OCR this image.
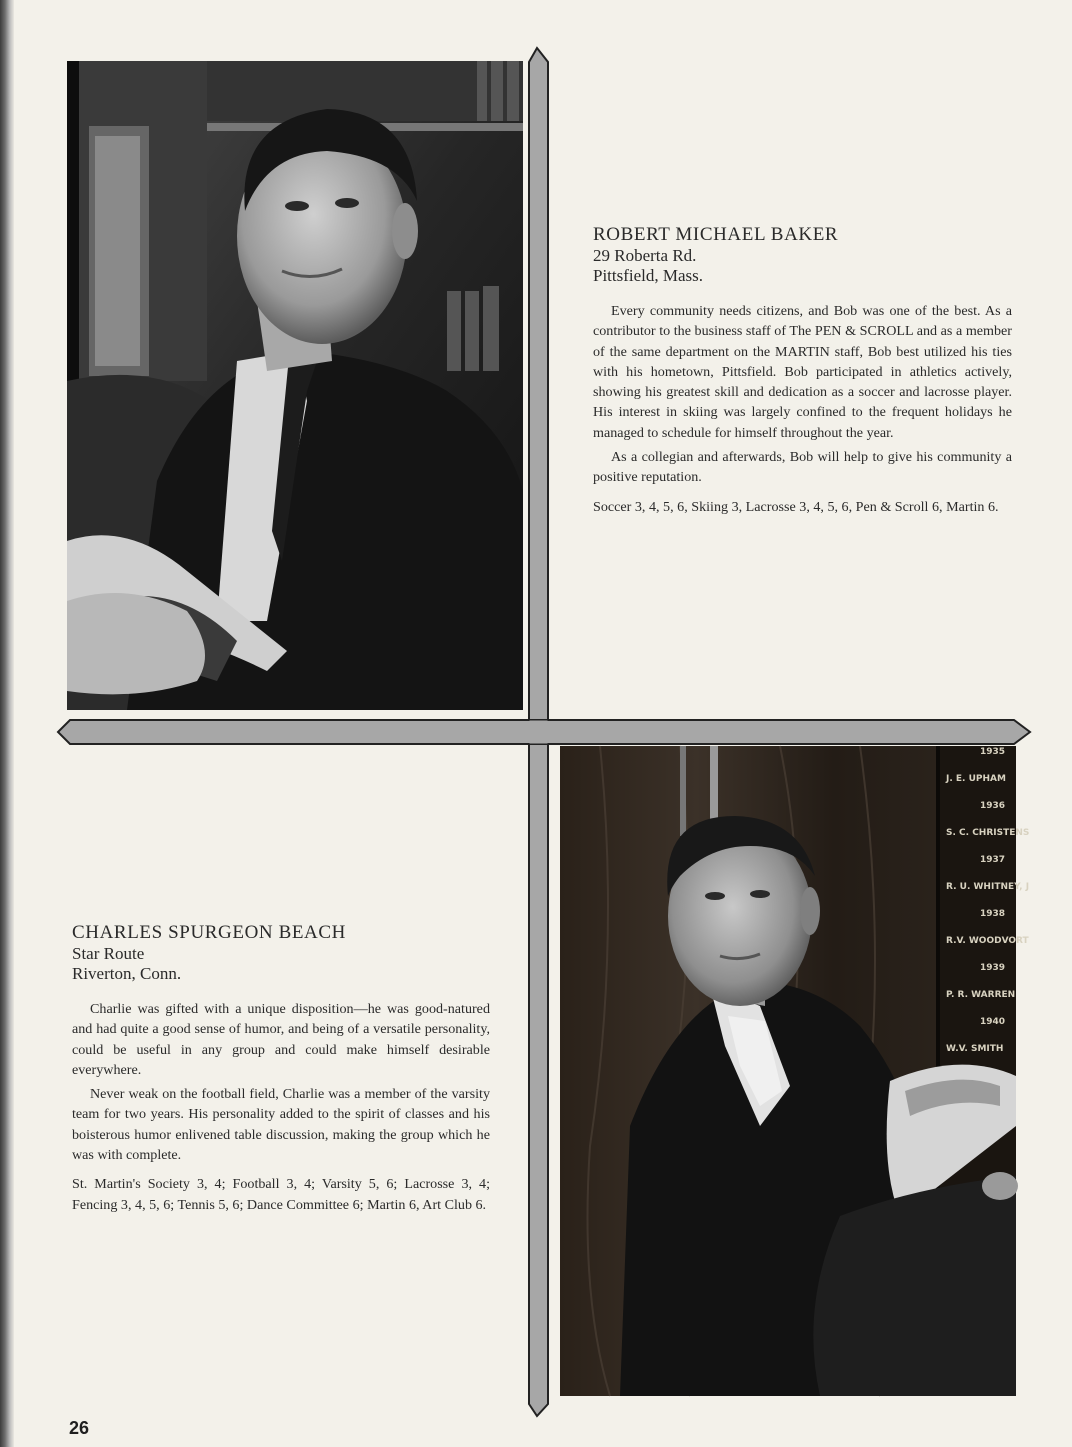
1935
J. E. UPHAM
1936
S. C. CHRISTENS
1937
R. U. WHITNEY, J
1938
R.V. WOODVORT
1939
P. R. WARREN
1940
W.V. SMITH

ROBERT MICHAEL BAKER

29 Roberta Rd.

Pittsfield, Mass.

Every community needs citizens, and Bob was one of the best. As a contributor to the business staff of The PEN & SCROLL and as a member of the same department on the MARTIN staff, Bob best utilized his ties with his hometown, Pittsfield. Bob participated in athletics actively, showing his greatest skill and dedication as a soccer and lacrosse player. His interest in skiing was largely confined to the frequent holidays he managed to schedule for himself throughout the year.

As a collegian and afterwards, Bob will help to give his community a positive reputation.

Soccer 3, 4, 5, 6, Skiing 3, Lacrosse 3, 4, 5, 6, Pen & Scroll 6, Martin 6.

CHARLES SPURGEON BEACH

Star Route

Riverton, Conn.

Charlie was gifted with a unique disposition—he was good-natured and had quite a good sense of humor, and being of a versatile personality, could be useful in any group and could make himself desirable everywhere.

Never weak on the football field, Charlie was a member of the varsity team for two years. His personality added to the spirit of classes and his boisterous humor enlivened table discussion, making the group which he was with complete.

St. Martin's Society 3, 4; Football 3, 4; Varsity 5, 6; Lacrosse 3, 4; Fencing 3, 4, 5, 6; Tennis 5, 6; Dance Committee 6; Martin 6, Art Club 6.

26
